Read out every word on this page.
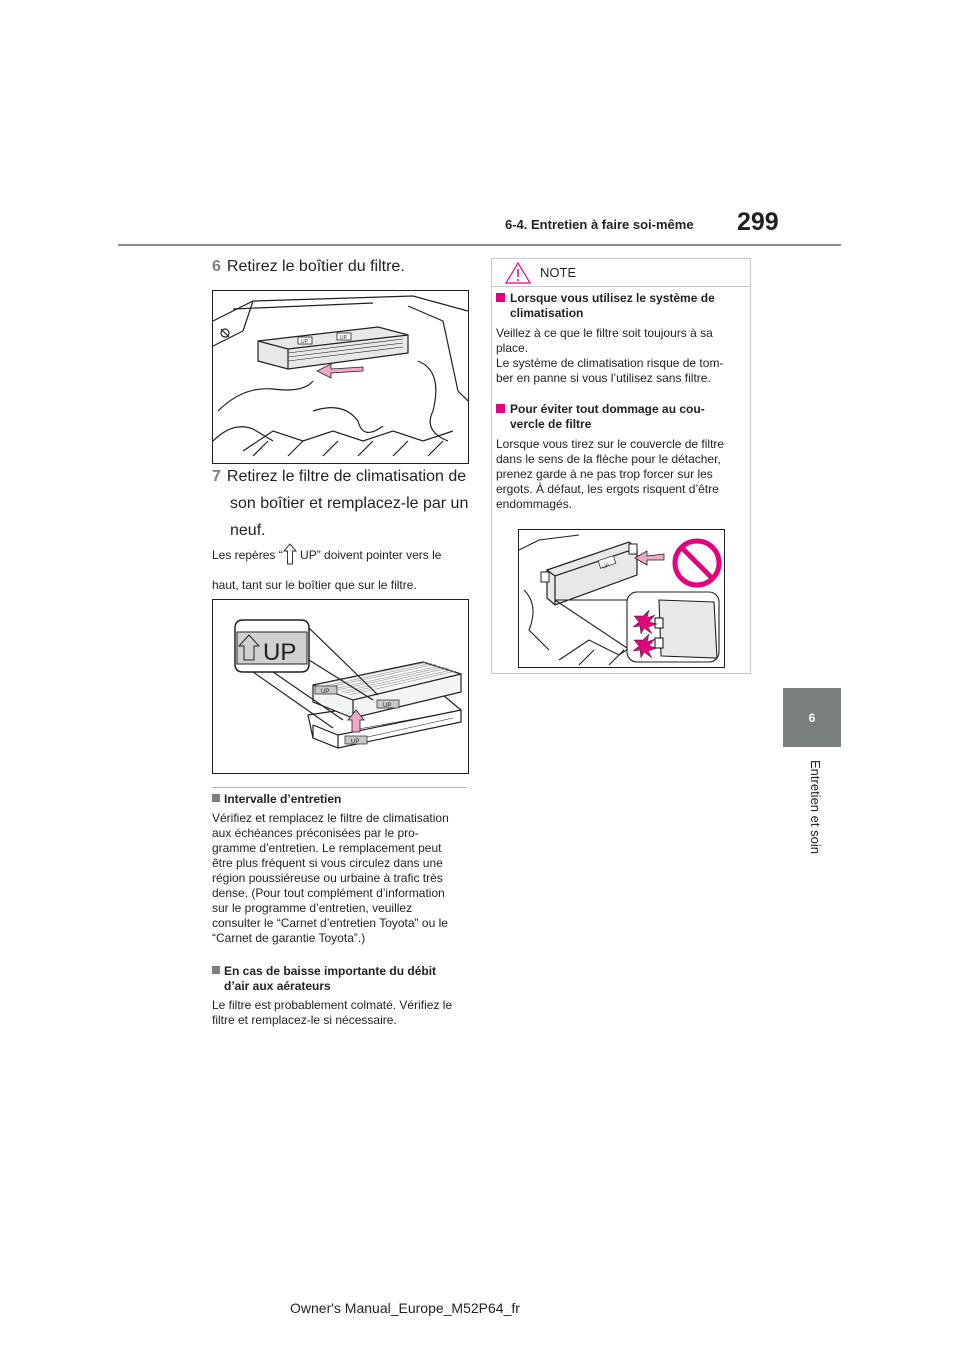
6-4. Entretien à faire soi-même 299
6
Entretien et soin
6 Retirez le boîtier du filtre.
UP
UP
7 Retirez le filtre de climatisation de
son boîtier et remplacez-le par un
neuf.
Les repères “ UP” doivent pointer vers le
haut, tant sur le boîtier que sur le filtre.
UP
UP
UP
UP
Intervalle d’entretien
Vérifiez et remplacez le filtre de climatisation
aux échéances préconisées par le pro-
gramme d’entretien. Le remplacement peut
être plus fréquent si vous circulez dans une
région poussiéreuse ou urbaine à trafic très
dense. (Pour tout complément d’information
sur le programme d’entretien, veuillez
consulter le “Carnet d’entretien Toyota” ou le
“Carnet de garantie Toyota”.)
En cas de baisse importante du débit
d’air aux aérateurs
Le filtre est probablement colmaté. Vérifiez le
filtre et remplacez-le si nécessaire.
NOTE
Lorsque vous utilisez le système de
climatisation
Veillez à ce que le filtre soit toujours à sa
place.
Le système de climatisation risque de tom-
ber en panne si vous l’utilisez sans filtre.
Pour éviter tout dommage au cou-
vercle de filtre
Lorsque vous tirez sur le couvercle de filtre
dans le sens de la flèche pour le détacher,
prenez garde à ne pas trop forcer sur les
ergots. À défaut, les ergots risquent d’être
endommagés.
UP
Owner's Manual_Europe_M52P64_fr
